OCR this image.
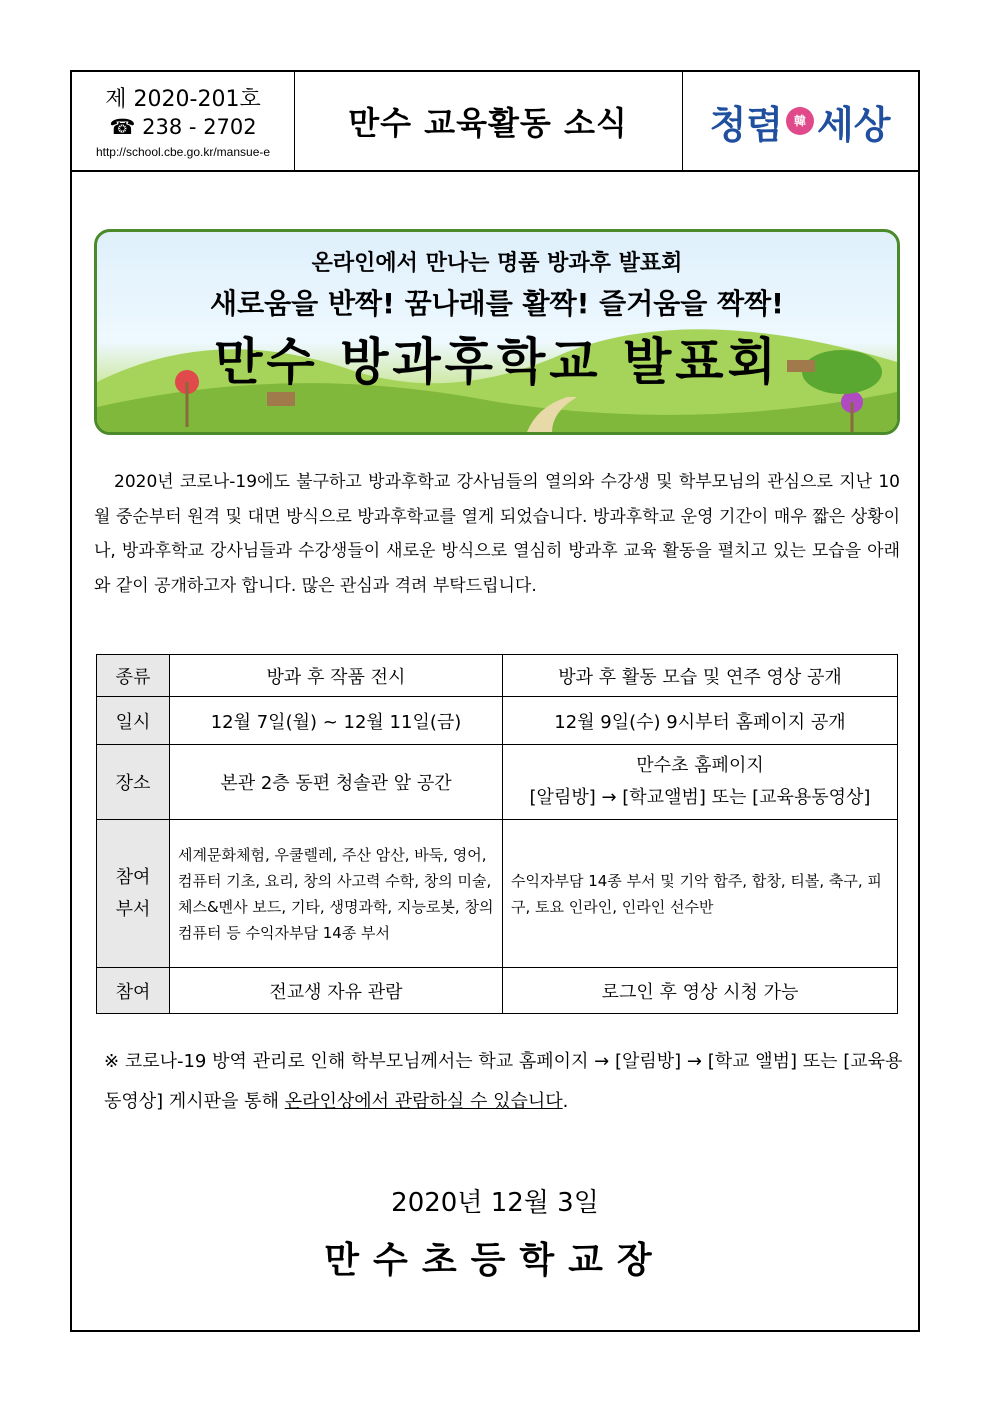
제 2020-201호
☎ 238 - 2702
http://school.cbe.go.kr/mansue-e
만수 교육활동 소식	청렴 韓 세상
온라인에서 만나는 명품 방과후 발표회
새로움을 반짝! 꿈나래를 활짝! 즐거움을 짝짝!
만수 방과후학교 발표회

2020년 코로나-19에도 불구하고 방과후학교 강사님들의 열의와 수강생 및 학부모님의 관심으로 지난 10월 중순부터 원격 및 대면 방식으로 방과후학교를 열게 되었습니다. 방과후학교 운영 기간이 매우 짧은 상황이나, 방과후학교 강사님들과 수강생들이 새로운 방식으로 열심히 방과후 교육 활동을 펼치고 있는 모습을 아래와 같이 공개하고자 합니다. 많은 관심과 격려 부탁드립니다.

종류	방과 후 작품 전시	방과 후 활동 모습 및 연주 영상 공개
일시	12월 7일(월) ~ 12월 11일(금)	12월 9일(수) 9시부터 홈페이지 공개
장소	본관 2층 동편 청솔관 앞 공간	만수초 홈페이지
[알림방] → [학교앨범] 또는 [교육용동영상]

참여
부서	세계문화체험, 우쿨렐레, 주산 암산, 바둑, 영어, 컴퓨터 기초, 요리, 창의 사고력 수학, 창의 미술, 체스&멘사 보드, 기타, 생명과학, 지능로봇, 창의 컴퓨터 등 수익자부담 14종 부서	수익자부담 14종 부서 및 기악 합주, 합창, 티볼, 축구, 피구, 토요 인라인, 인라인 선수반
참여	전교생 자유 관람	로그인 후 영상 시청 가능
※ 코로나-19 방역 관리로 인해 학부모님께서는 학교 홈페이지 → [알림방] → [학교 앨범] 또는 [교육용 동영상] 게시판을 통해 온라인상에서 관람하실 수 있습니다.
2020년 12월 3일
만수초등학교장
